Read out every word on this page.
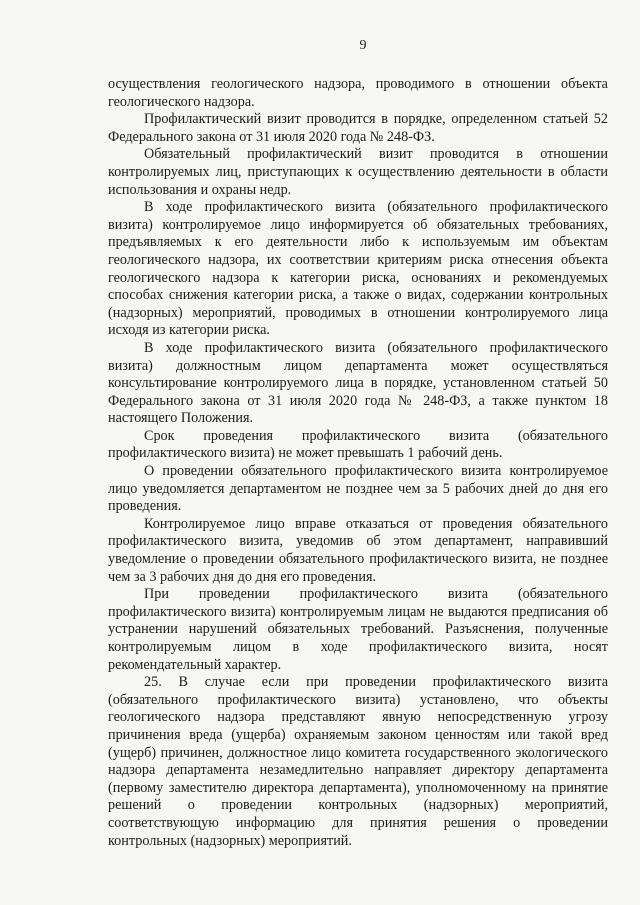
9

осуществления геологического надзора, проводимого в отношении объекта геологического надзора.

Профилактический визит проводится в порядке, определенном статьей 52 Федерального закона от 31 июля 2020 года № 248-ФЗ.

Обязательный профилактический визит проводится в отношении контролируемых лиц, приступающих к осуществлению деятельности в области использования и охраны недр.

В ходе профилактического визита (обязательного профилактического визита) контролируемое лицо информируется об обязательных требованиях, предъявляемых к его деятельности либо к используемым им объектам геологического надзора, их соответствии критериям риска отнесения объекта геологического надзора к категории риска, основаниях и рекомендуемых способах снижения категории риска, а также о видах, содержании контрольных (надзорных) мероприятий, проводимых в отношении контролируемого лица исходя из категории риска.

В ходе профилактического визита (обязательного профилактического визита) должностным лицом департамента может осуществляться консультирование контролируемого лица в порядке, установленном статьей 50 Федерального закона от 31 июля 2020 года № 248-ФЗ, а также пунктом 18 настоящего Положения.

Срок проведения профилактического визита (обязательного профилактического визита) не может превышать 1 рабочий день.

О проведении обязательного профилактического визита контролируемое лицо уведомляется департаментом не позднее чем за 5 рабочих дней до дня его проведения.

Контролируемое лицо вправе отказаться от проведения обязательного профилактического визита, уведомив об этом департамент, направивший уведомление о проведении обязательного профилактического визита, не позднее чем за 3 рабочих дня до дня его проведения.

При проведении профилактического визита (обязательного профилактического визита) контролируемым лицам не выдаются предписания об устранении нарушений обязательных требований. Разъяснения, полученные контролируемым лицом в ходе профилактического визита, носят рекомендательный характер.

25. В случае если при проведении профилактического визита (обязательного профилактического визита) установлено, что объекты геологического надзора представляют явную непосредственную угрозу причинения вреда (ущерба) охраняемым законом ценностям или такой вред (ущерб) причинен, должностное лицо комитета государственного экологического надзора департамента незамедлительно направляет директору департамента (первому заместителю директора департамента), уполномоченному на принятие решений о проведении контрольных (надзорных) мероприятий, соответствующую информацию для принятия решения о проведении контрольных (надзорных) мероприятий.
